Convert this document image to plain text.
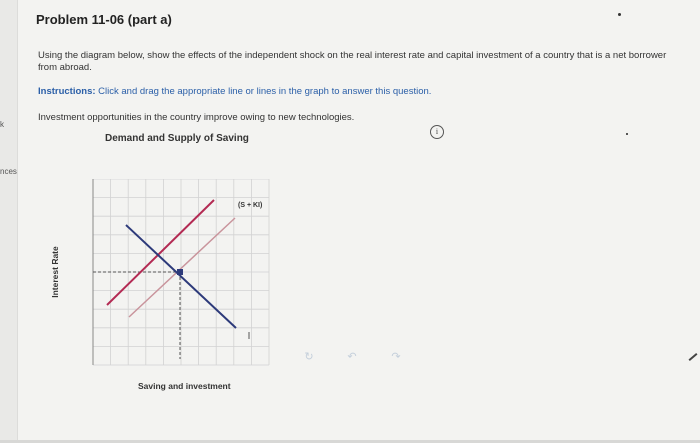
k
nces
Problem 11-06 (part a)
Using the diagram below, show the effects of the independent shock on the real interest rate and capital investment of a country that is a net borrower from abroad.
Instructions: Click and drag the appropriate line or lines in the graph to answer this question.
Investment opportunities in the country improve owing to new technologies.
i
Demand and Supply of Saving
Interest Rate
Saving and investment
(S + KI)
↻	↶	↷
